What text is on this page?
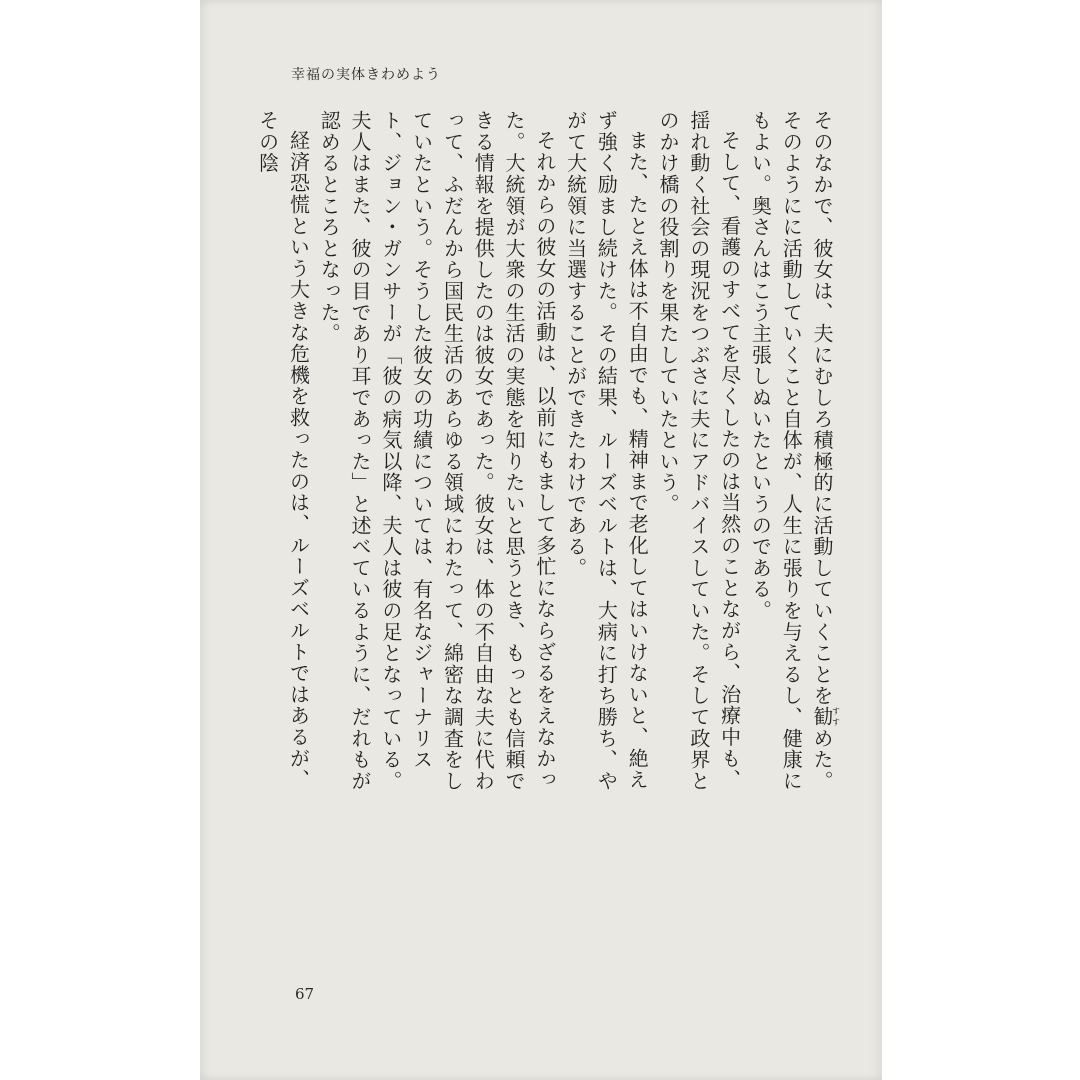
幸福の実体きわめよう

そのなかで、彼女は、夫にむしろ積極的に活動していくことを勧すすめた。そのようにに活動していくこと自体が、人生に張りを与えるし、健康にもよい。奥さんはこう主張しぬいたというのである。

そして、看護のすべてを尽くしたのは当然のことながら、治療中も、揺れ動く社会の現況をつぶさに夫にアドバイスしていた。そして政界とのかけ橋の役割りを果たしていたという。

また、たとえ体は不自由でも、精神まで老化してはいけないと、絶えず強く励まし続けた。その結果、ルーズベルトは、大病に打ち勝ち、やがて大統領に当選することができたわけである。

それからの彼女の活動は、以前にもまして多忙にならざるをえなかった。大統領が大衆の生活の実態を知りたいと思うとき、もっとも信頼できる情報を提供したのは彼女であった。彼女は、体の不自由な夫に代わって、ふだんから国民生活のあらゆる領域にわたって、綿密な調査をしていたという。そうした彼女の功績については、有名なジャーナリスト、ジョン・ガンサーが「彼の病気以降、夫人は彼の足となっている。夫人はまた、彼の目であり耳であった」と述べているように、だれもが認めるところとなった。

経済恐慌という大きな危機を救ったのは、ルーズベルトではあるが、その陰

67
